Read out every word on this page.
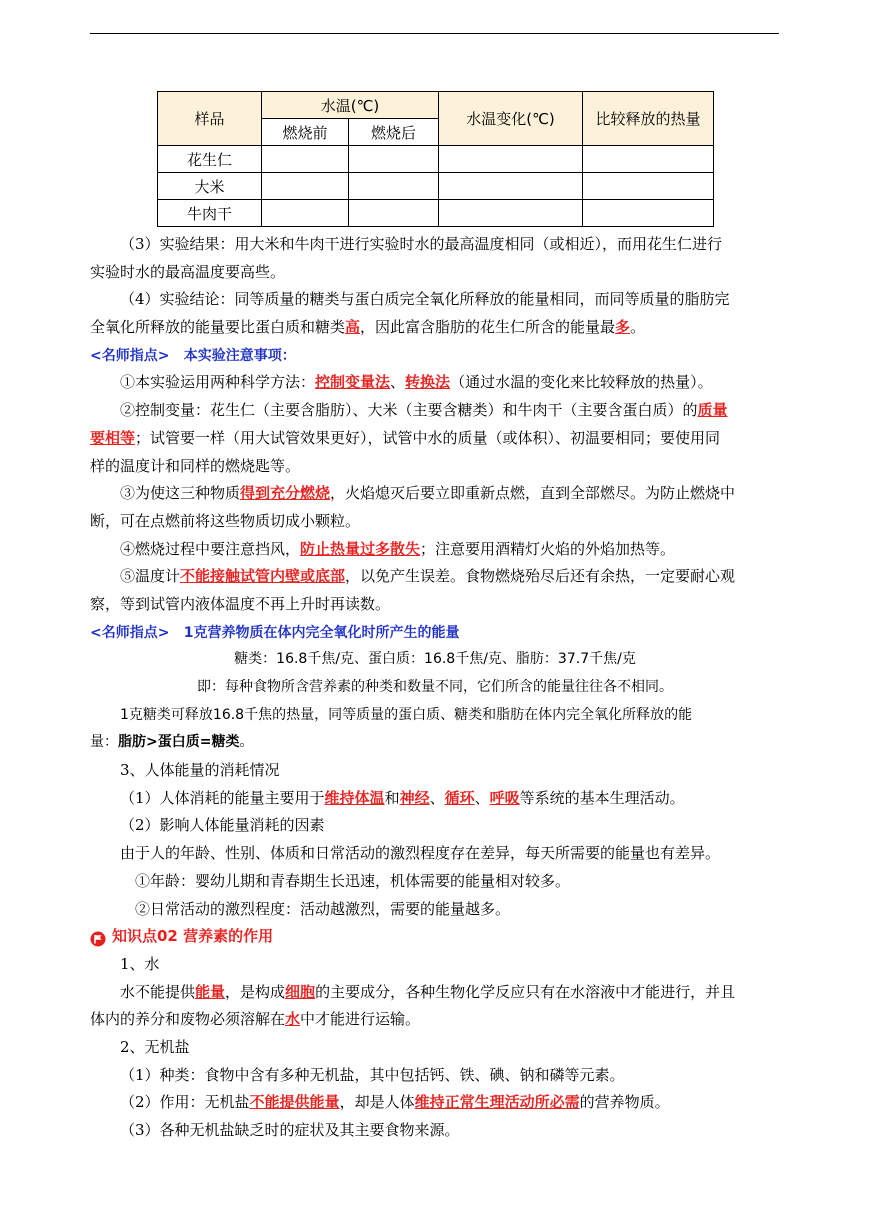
样品	水温(℃)		水温变化(℃)	比较释放的热量
	燃烧前	燃烧后		
花生仁				
大米				
牛肉干				
（3）实验结果：用大米和牛肉干进行实验时水的最高温度相同（或相近），而用花生仁进行
实验时水的最高温度要高些。
（4）实验结论：同等质量的糖类与蛋白质完全氧化所释放的能量相同，而同等质量的脂肪完
全氧化所释放的能量要比蛋白质和糖类高，因此富含脂肪的花生仁所含的能量最多。
<名师指点> 本实验注意事项：
①本实验运用两种科学方法：控制变量法、转换法（通过水温的变化来比较释放的热量）。
②控制变量：花生仁（主要含脂肪）、大米（主要含糖类）和牛肉干（主要含蛋白质）的质量
要相等；试管要一样（用大试管效果更好），试管中水的质量（或体积）、初温要相同；要使用同
样的温度计和同样的燃烧匙等。
③为使这三种物质得到充分燃烧，火焰熄灭后要立即重新点燃，直到全部燃尽。为防止燃烧中
断，可在点燃前将这些物质切成小颗粒。
④燃烧过程中要注意挡风，防止热量过多散失；注意要用酒精灯火焰的外焰加热等。
⑤温度计不能接触试管内壁或底部，以免产生误差。食物燃烧殆尽后还有余热，一定要耐心观
察，等到试管内液体温度不再上升时再读数。
<名师指点> 1克营养物质在体内完全氧化时所产生的能量
糖类：16.8千焦/克、蛋白质：16.8千焦/克、脂肪：37.7千焦/克
即：每种食物所含营养素的种类和数量不同，它们所含的能量往往各不相同。
1克糖类可释放16.8千焦的热量，同等质量的蛋白质、糖类和脂肪在体内完全氧化所释放的能
量：脂肪>蛋白质=糖类。
3、人体能量的消耗情况
（1）人体消耗的能量主要用于维持体温和神经、循环、呼吸等系统的基本生理活动。
（2）影响人体能量消耗的因素
由于人的年龄、性别、体质和日常活动的激烈程度存在差异，每天所需要的能量也有差异。
①年龄：婴幼儿期和青春期生长迅速，机体需要的能量相对较多。
②日常活动的激烈程度：活动越激烈，需要的能量越多。
知识点02 营养素的作用
1、水
水不能提供能量，是构成细胞的主要成分，各种生物化学反应只有在水溶液中才能进行，并且
体内的养分和废物必须溶解在水中才能进行运输。
2、无机盐
（1）种类：食物中含有多种无机盐，其中包括钙、铁、碘、钠和磷等元素。
（2）作用：无机盐不能提供能量，却是人体维持正常生理活动所必需的营养物质。
（3）各种无机盐缺乏时的症状及其主要食物来源。
